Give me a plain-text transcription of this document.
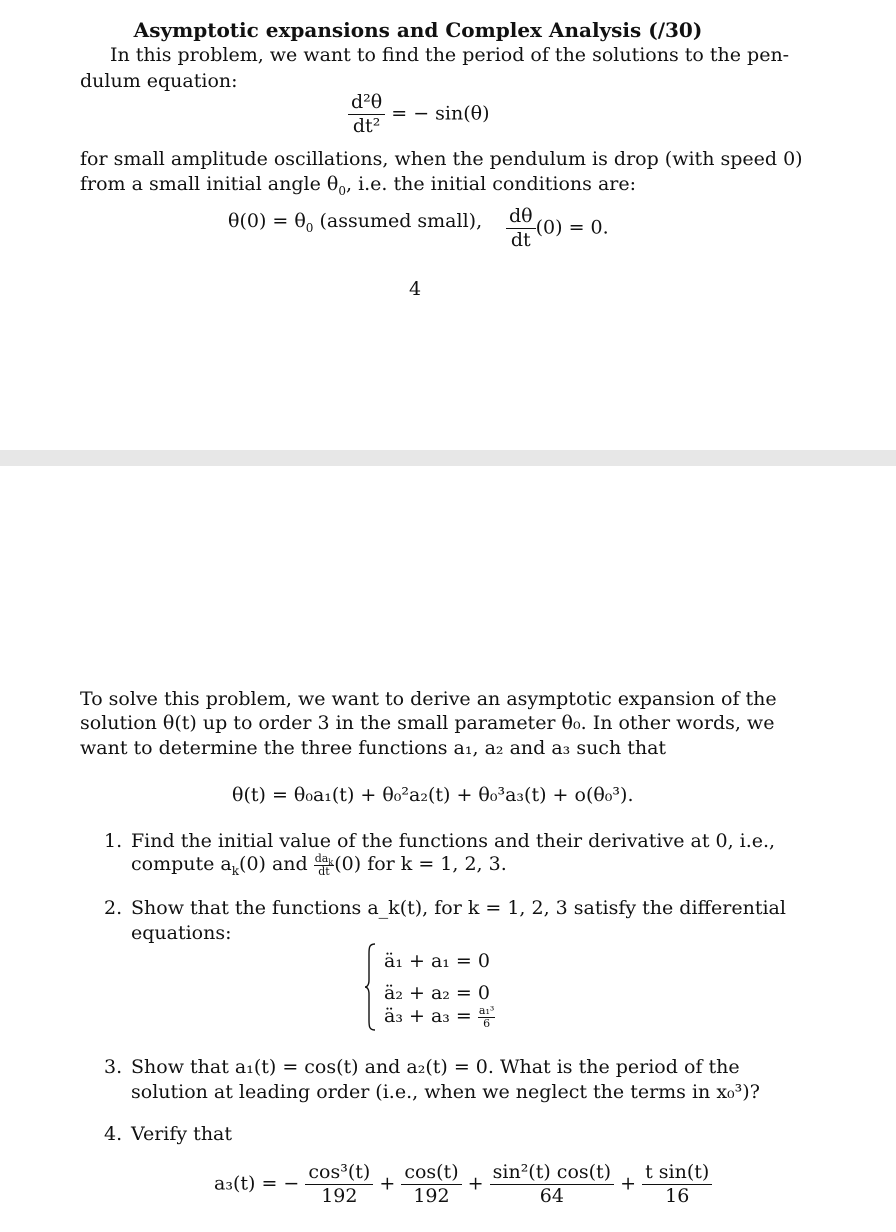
Asymptotic expansions and Complex Analysis (/30)
In this problem, we want to find the period of the solutions to the pen-
dulum equation:
$\frac{\text{d²θ}}{\text{dt²}}$ = − sin(θ)
for small amplitude oscillations, when the pendulum is drop (with speed 0)
from a small initial angle $\theta_0$, i.e. the initial conditions are:
$\theta(0) = \theta_0$ (assumed small), $\frac{d\theta}{dt} (0) = 0$.
4
To solve this problem, we want to derive an asymptotic expansion of the
solution θ(t) up to order 3 in the small parameter θ₀. In other words, we
want to determine the three functions a₁, a₂ and a₃ such that
θ(t) = θ₀a₁(t) + θ₀²a₂(t) + θ₀³a₃(t) + o(θ₀³).
1. Find the initial value of the functions and their derivative at 0, i.e.,
compute $a_k(0)$ and $\frac{da_k}{dt} (0)$ for k = 1, 2, 3.
2. Show that the functions a_k(t), for k = 1, 2, 3 satisfy the differential
equations:
ä₁ + a₁ = 0
ä₂ + a₂ = 0
ä₃ + $a_3 = \frac{\text{a₁³}}{6}$
3. Show that a₁(t) = cos(t) and a₂(t) = 0. What is the period of the
solution at leading order (i.e., when we neglect the terms in x₀³)?
4. Verify that
a₃(t) = − $\frac{\text{cos³(t)}}{192} + \frac{\cos(t)}{192} + \frac{\text{sin²(t) cos(t)}}{64} + \frac{\text{t sin(t)}}{16}$
